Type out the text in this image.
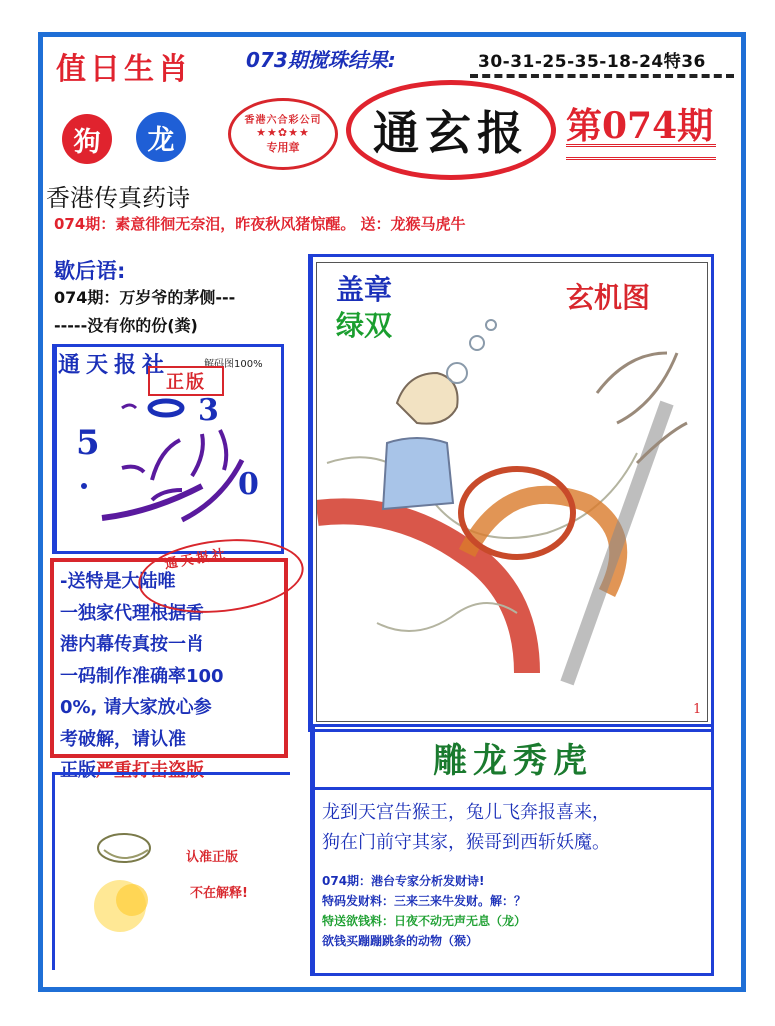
值日生肖	073期搅珠结果:	30-31-25-35-18-24特36
狗	龙
香港六合彩公司
★★✿★★
专用章	通玄报	第074期
香港传真药诗
074期：素意徘徊无奈泪，昨夜秋风猪惊醒。 送：龙猴马虎牛
歇后语:
074期：万岁爷的茅侧---
-----没有你的份(粪)
通天报社	解码图100%
正版
5
3
0
-送特是大陆唯
一独家代理根据香
港内幕传真按一肖
一码制作准确率100
0%, 请大家放心参
考破解，请认准
正版严重打击盗版
通天报社
认准正版
不在解释!
1
盖章
绿双
玄机图
雕龙秀虎
龙到天宫告猴王，兔儿飞奔报喜来，
狗在门前守其家，猴哥到西斩妖魔。
074期：港台专家分析发财诗!
特码发财料：三来三来牛发财。解：？
特送欲钱料：日夜不动无声无息（龙）
欲钱买蹦蹦跳条的动物（猴）
